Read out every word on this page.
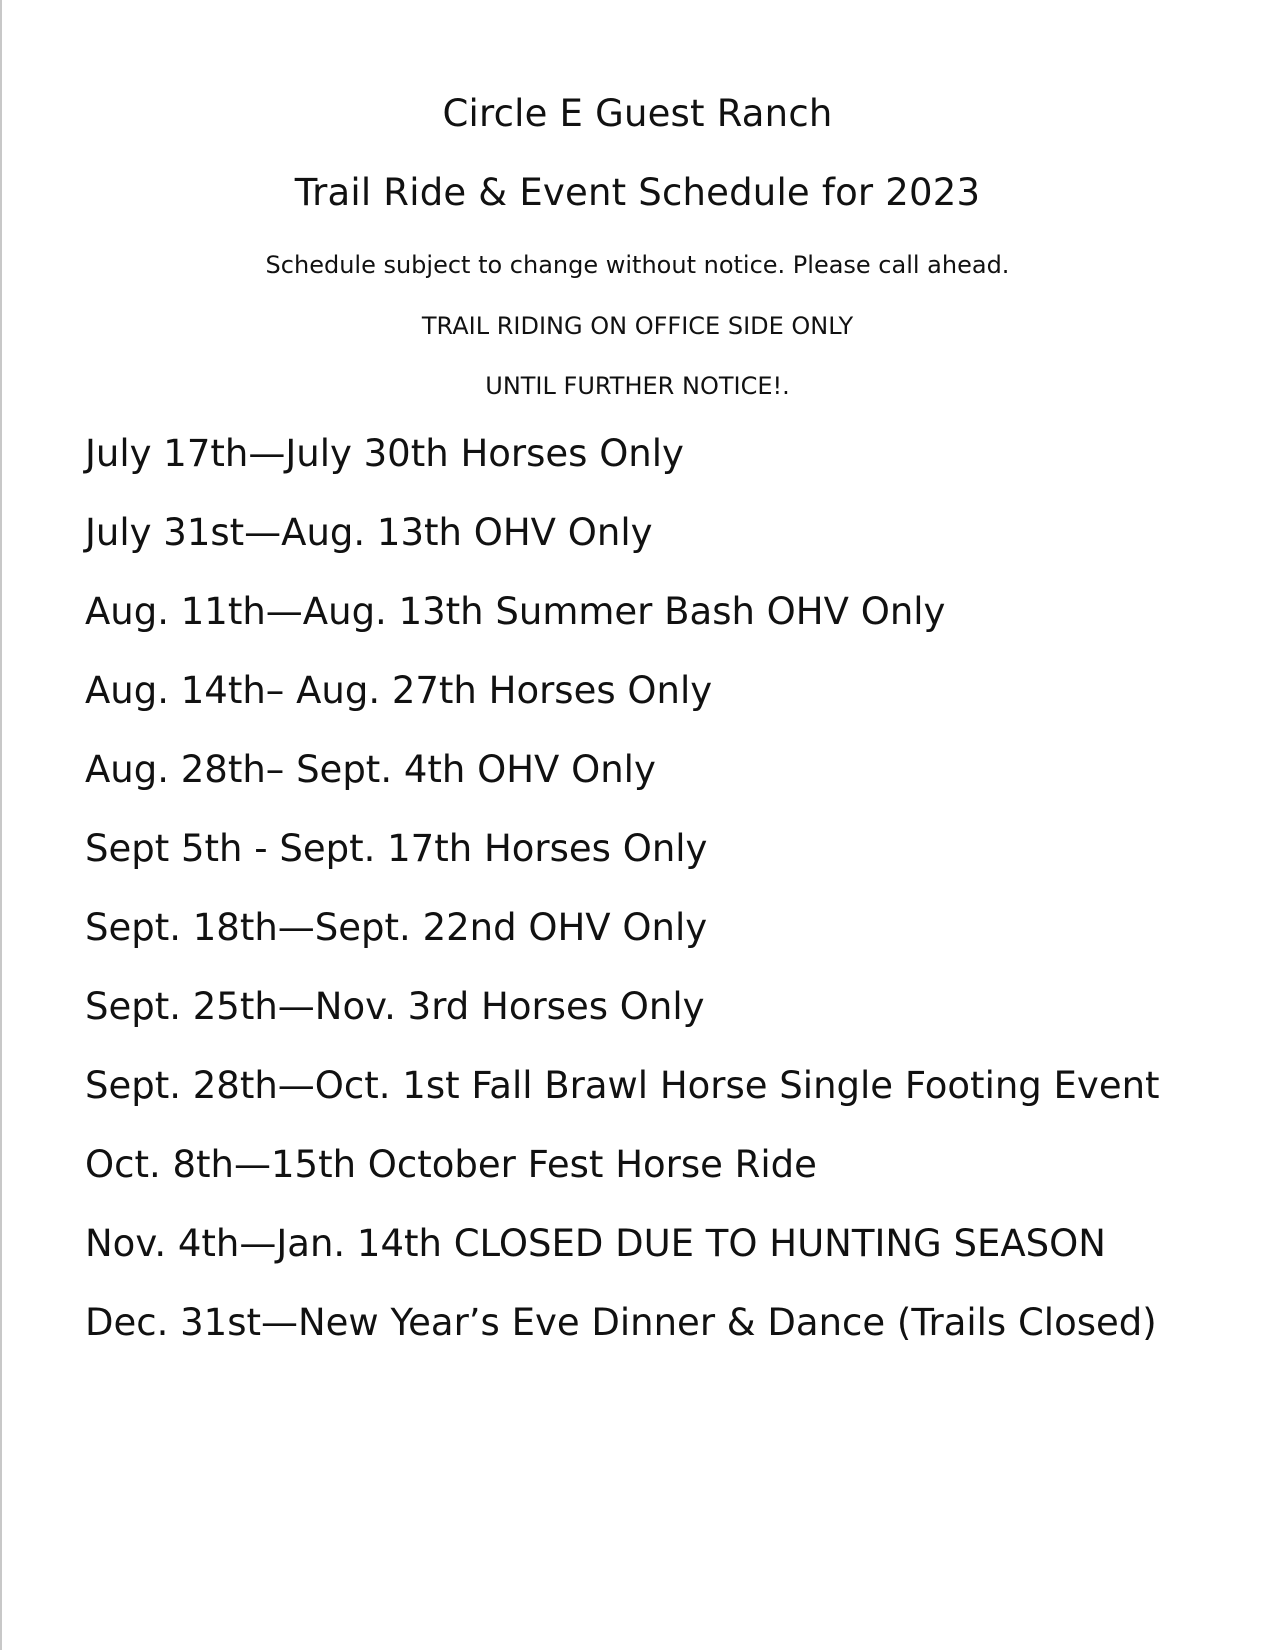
Circle E Guest Ranch
Trail Ride & Event Schedule for 2023
Schedule subject to change without notice. Please call ahead.
TRAIL RIDING ON OFFICE SIDE ONLY
UNTIL FURTHER NOTICE!.
July 17th—July 30th Horses Only
July 31st—Aug. 13th OHV Only
Aug. 11th—Aug. 13th Summer Bash OHV Only
Aug. 14th– Aug. 27th Horses Only
Aug. 28th– Sept. 4th OHV Only
Sept 5th - Sept. 17th Horses Only
Sept. 18th—Sept. 22nd OHV Only
Sept. 25th—Nov. 3rd Horses Only
Sept. 28th—Oct. 1st Fall Brawl Horse Single Footing Event
Oct. 8th—15th October Fest Horse Ride
Nov. 4th—Jan. 14th CLOSED DUE TO HUNTING SEASON
Dec. 31st—New Year’s Eve Dinner & Dance (Trails Closed)
